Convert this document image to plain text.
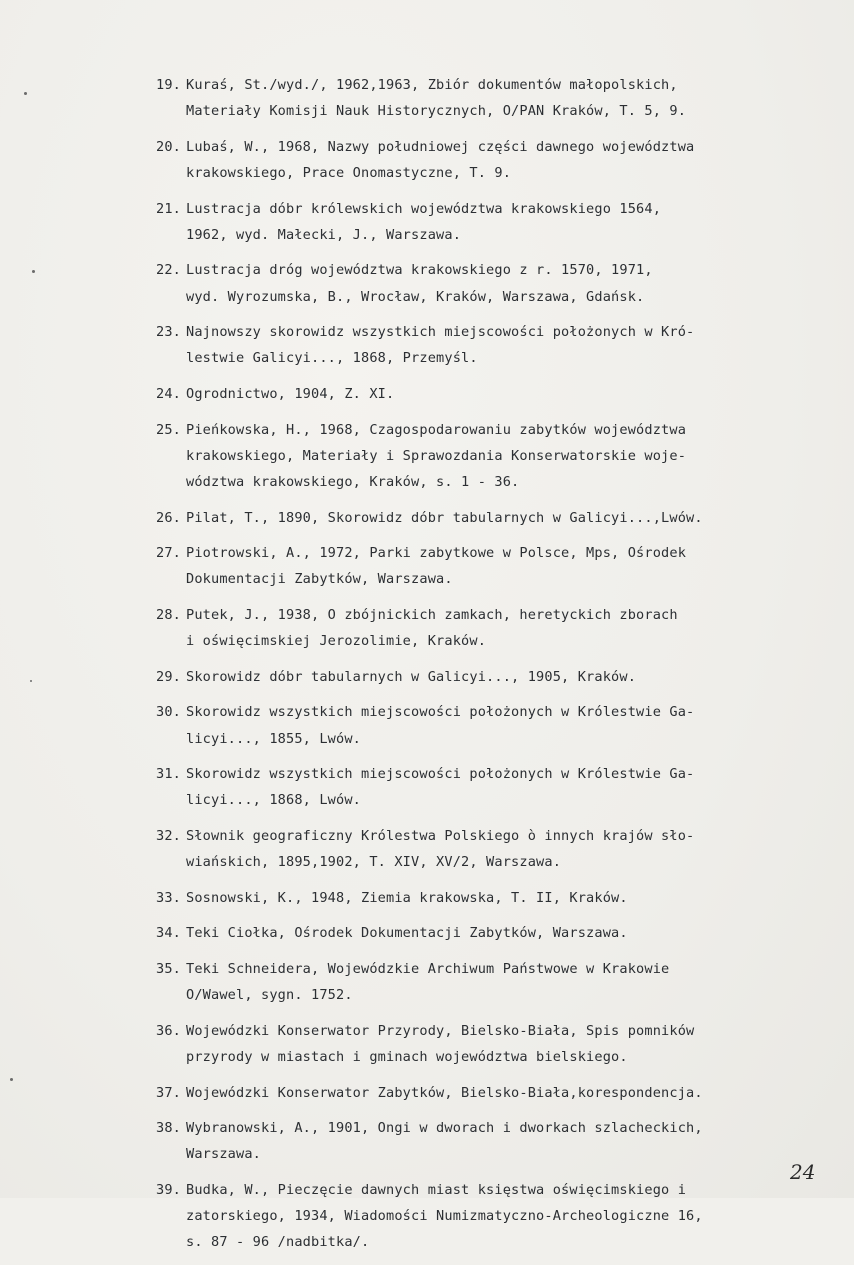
19. Kuraś, St./wyd./, 1962,1963, Zbiór dokumentów małopolskich,
Materiały Komisji Nauk Historycznych, O/PAN Kraków, T. 5, 9.
20. Lubaś, W., 1968, Nazwy południowej części dawnego województwa
krakowskiego, Prace Onomastyczne, T. 9.
21. Lustracja dóbr królewskich województwa krakowskiego 1564,
1962, wyd. Małecki, J., Warszawa.
22. Lustracja dróg województwa krakowskiego z r. 1570, 1971,
wyd. Wyrozumska, B., Wrocław, Kraków, Warszawa, Gdańsk.
23. Najnowszy skorowidz wszystkich miejscowości położonych w Kró-
lestwie Galicyi..., 1868, Przemyśl.
24. Ogrodnictwo, 1904, Z. XI.
25. Pieńkowska, H., 1968, Czagospodarowaniu zabytków województwa
krakowskiego, Materiały i Sprawozdania Konserwatorskie woje-
wództwa krakowskiego, Kraków, s. 1 - 36.
26. Pilat, T., 1890, Skorowidz dóbr tabularnych w Galicyi...,Lwów.
27. Piotrowski, A., 1972, Parki zabytkowe w Polsce, Mps, Ośrodek
Dokumentacji Zabytków, Warszawa.
28. Putek, J., 1938, O zbójnickich zamkach, heretyckich zborach
i oświęcimskiej Jerozolimie, Kraków.
29. Skorowidz dóbr tabularnych w Galicyi..., 1905, Kraków.
30. Skorowidz wszystkich miejscowości położonych w Królestwie Ga-
licyi..., 1855, Lwów.
31. Skorowidz wszystkich miejscowości położonych w Królestwie Ga-
licyi..., 1868, Lwów.
32. Słownik geograficzny Królestwa Polskiego ò innych krajów sło-
wiańskich, 1895,1902, T. XIV, XV/2, Warszawa.
33. Sosnowski, K., 1948, Ziemia krakowska, T. II, Kraków.
34. Teki Ciołka, Ośrodek Dokumentacji Zabytków, Warszawa.
35. Teki Schneidera, Wojewódzkie Archiwum Państwowe w Krakowie
O/Wawel, sygn. 1752.
36. Wojewódzki Konserwator Przyrody, Bielsko-Biała, Spis pomników
przyrody w miastach i gminach województwa bielskiego.
37. Wojewódzki Konserwator Zabytków, Bielsko-Biała,korespondencja.
38. Wybranowski, A., 1901, Ongi w dworach i dworkach szlacheckich,
Warszawa.
39. Budka, W., Pieczęcie dawnych miast księstwa oświęcimskiego i
zatorskiego, 1934, Wiadomości Numizmatyczno-Archeologiczne 16,
s. 87 - 96 /nadbitka/.
24
